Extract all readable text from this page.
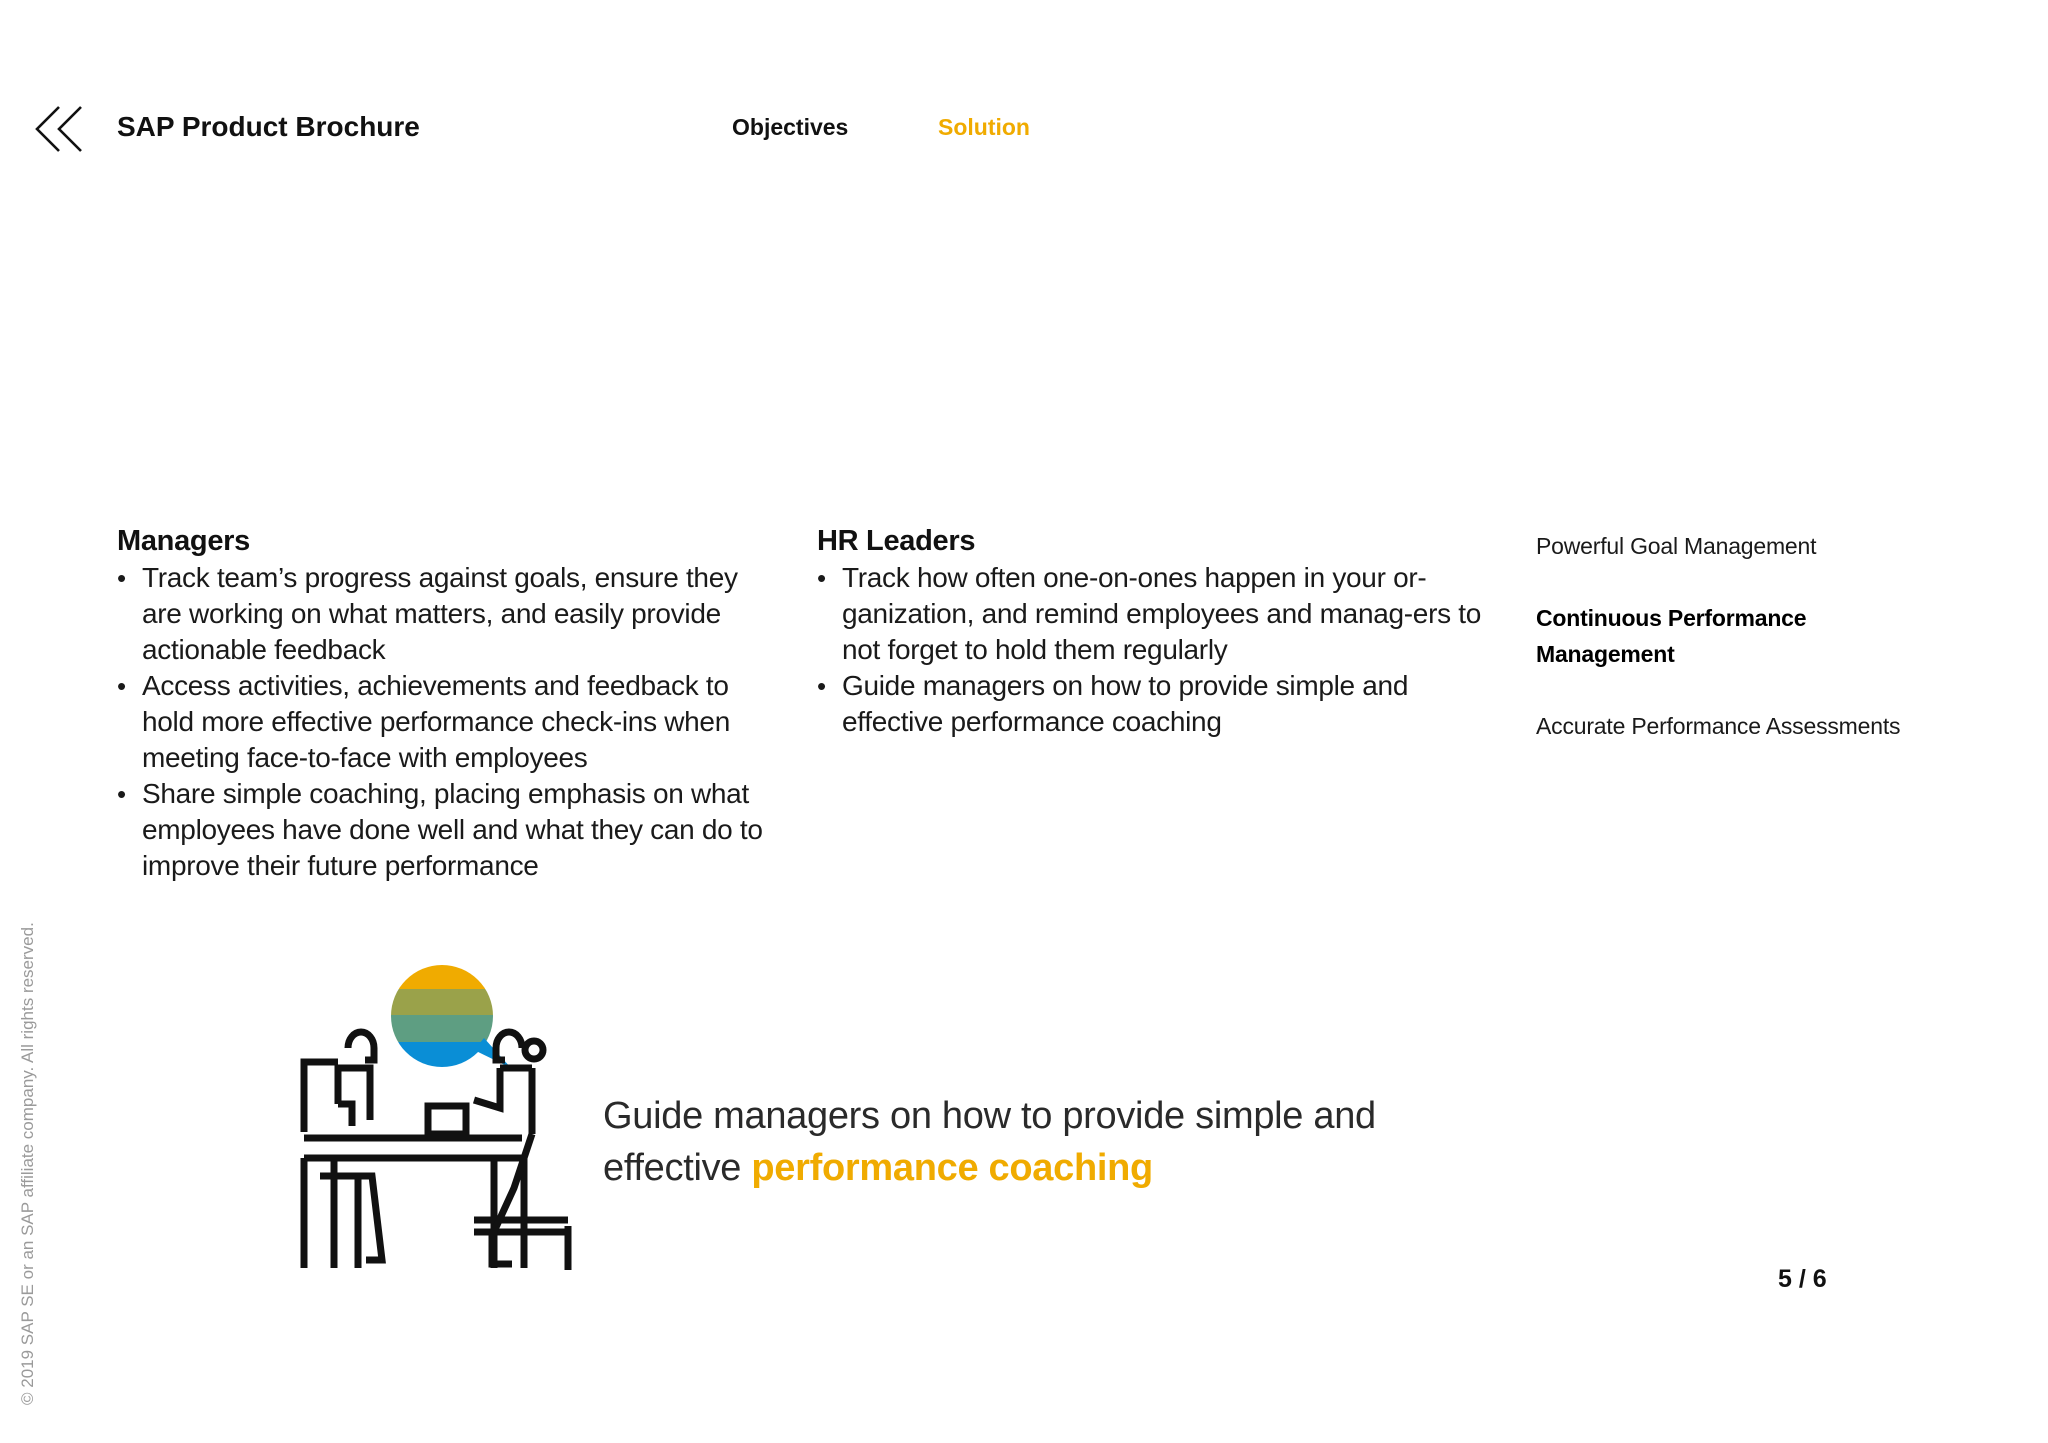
SAP Product Brochure	Objectives	Solution
Managers
• Track team’s progress against goals, ensure they are working on what matters, and easily provide actionable feedback
• Access activities, achievements and feedback to hold more effective performance check-ins when meeting face-to-face with employees
• Share simple coaching, placing emphasis on what employees have done well and what they can do to improve their future performance
HR Leaders
• Track how often one-on-ones happen in your or-ganization, and remind employees and manag-ers to not forget to hold them regularly
• Guide managers on how to provide simple and effective performance coaching
Powerful Goal Management
Continuous Performance Management
Accurate Performance Assessments
Guide managers on how to provide simple and
effective performance coaching
5 / 6
© 2019 SAP SE or an SAP affiliate company. All rights reserved.
